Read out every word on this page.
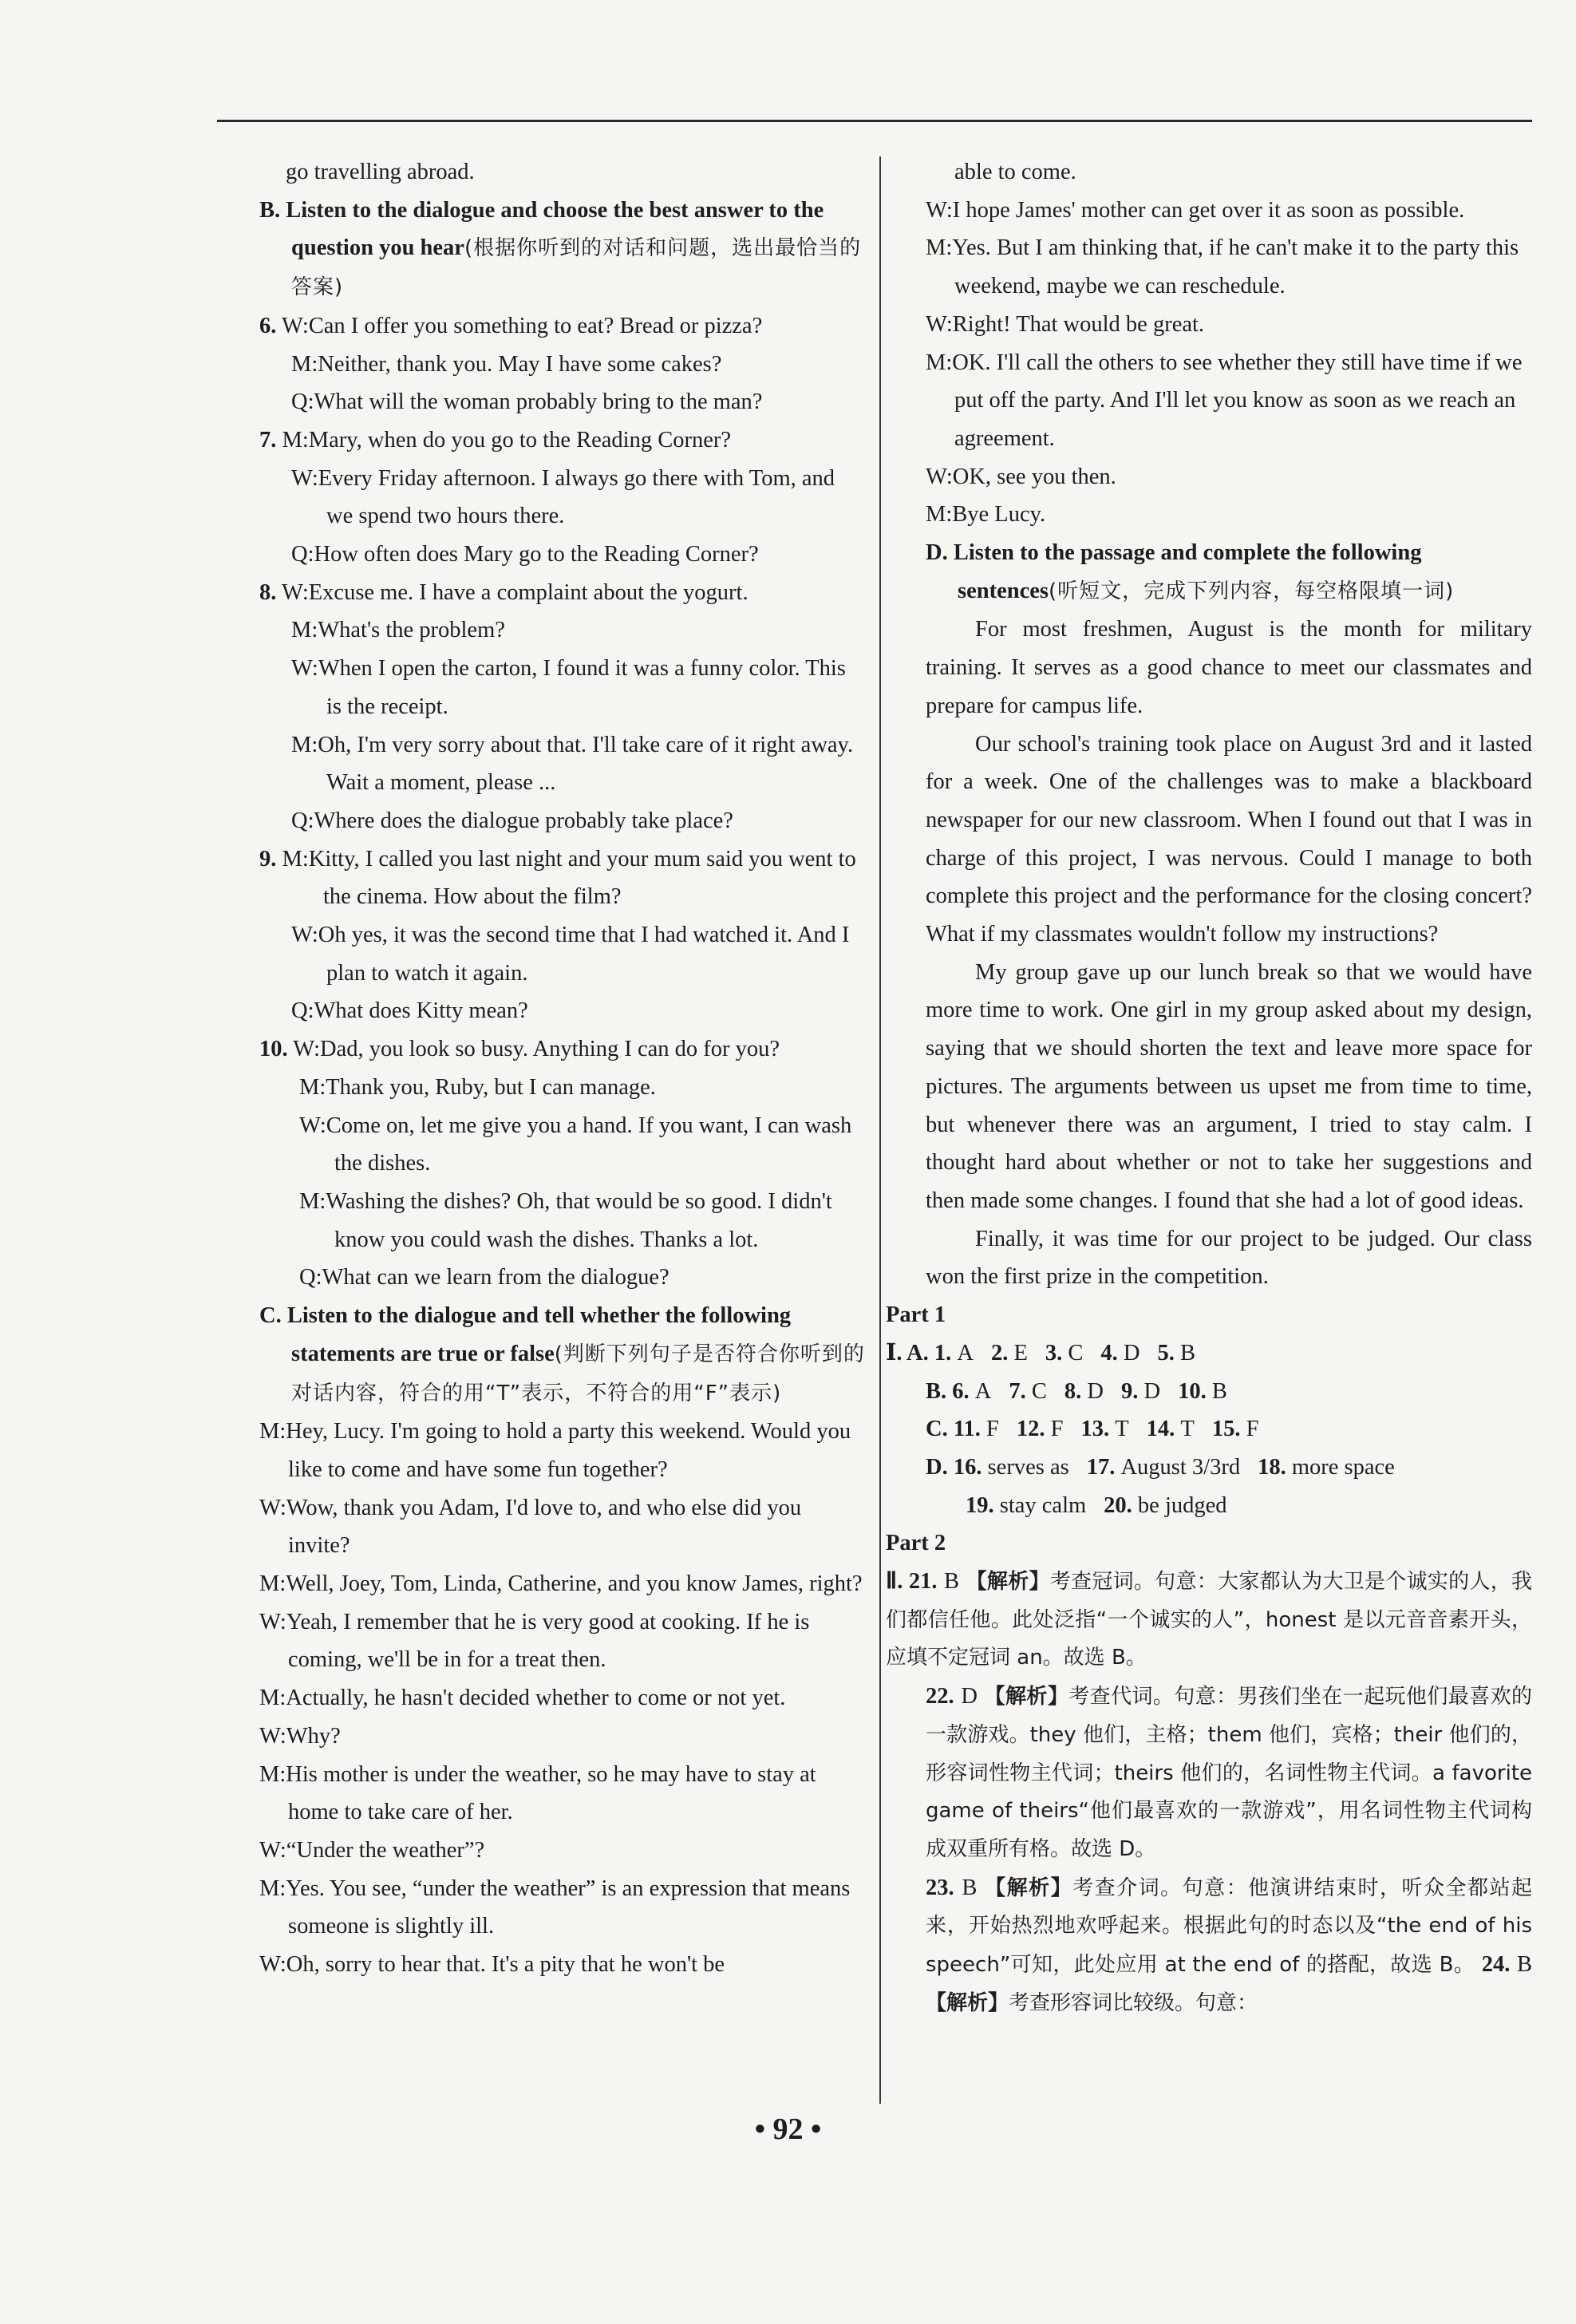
go travelling abroad.

B. Listen to the dialogue and choose the best answer to the question you hear(根据你听到的对话和问题，选出最恰当的答案)

6. W:Can I offer you something to eat? Bread or pizza?
M:Neither, thank you. May I have some cakes?
Q:What will the woman probably bring to the man?
7. M:Mary, when do you go to the Reading Corner?
W:Every Friday afternoon. I always go there with Tom, and we spend two hours there.
Q:How often does Mary go to the Reading Corner?
8. W:Excuse me. I have a complaint about the yogurt.
M:What's the problem?
W:When I open the carton, I found it was a funny color. This is the receipt.
M:Oh, I'm very sorry about that. I'll take care of it right away. Wait a moment, please ...
Q:Where does the dialogue probably take place?
9. M:Kitty, I called you last night and your mum said you went to the cinema. How about the film?
W:Oh yes, it was the second time that I had watched it. And I plan to watch it again.
Q:What does Kitty mean?
10. W:Dad, you look so busy. Anything I can do for you?
M:Thank you, Ruby, but I can manage.
W:Come on, let me give you a hand. If you want, I can wash the dishes.
M:Washing the dishes? Oh, that would be so good. I didn't know you could wash the dishes. Thanks a lot.
Q:What can we learn from the dialogue?

C. Listen to the dialogue and tell whether the following statements are true or false(判断下列句子是否符合你听到的对话内容，符合的用“T”表示，不符合的用“F”表示)

M:Hey, Lucy. I'm going to hold a party this weekend. Would you like to come and have some fun together?
W:Wow, thank you Adam, I'd love to, and who else did you invite?
M:Well, Joey, Tom, Linda, Catherine, and you know James, right?
W:Yeah, I remember that he is very good at cooking. If he is coming, we'll be in for a treat then.
M:Actually, he hasn't decided whether to come or not yet.
W:Why?
M:His mother is under the weather, so he may have to stay at home to take care of her.
W:“Under the weather”?
M:Yes. You see, “under the weather” is an expression that means someone is slightly ill.
W:Oh, sorry to hear that. It's a pity that he won't be
able to come.
W:I hope James' mother can get over it as soon as possible.
M:Yes. But I am thinking that, if he can't make it to the party this weekend, maybe we can reschedule.
W:Right! That would be great.
M:OK. I'll call the others to see whether they still have time if we put off the party. And I'll let you know as soon as we reach an agreement.
W:OK, see you then.
M:Bye Lucy.

D. Listen to the passage and complete the following sentences(听短文，完成下列内容，每空格限填一词)

For most freshmen, August is the month for military training. It serves as a good chance to meet our classmates and prepare for campus life.

Our school's training took place on August 3rd and it lasted for a week. One of the challenges was to make a blackboard newspaper for our new classroom. When I found out that I was in charge of this project, I was nervous. Could I manage to both complete this project and the performance for the closing concert? What if my classmates wouldn't follow my instructions?

My group gave up our lunch break so that we would have more time to work. One girl in my group asked about my design, saying that we should shorten the text and leave more space for pictures. The arguments between us upset me from time to time, but whenever there was an argument, I tried to stay calm. I thought hard about whether or not to take her suggestions and then made some changes. I found that she had a lot of good ideas.

Finally, it was time for our project to be judged. Our class won the first prize in the competition.

Part 1

Ⅰ. A. 1. A 2. E 3. C 4. D 5. B
B. 6. A 7. C 8. D 9. D 10. B
C. 11. F 12. F 13. T 14. T 15. F
D. 16. serves as 17. August 3/3rd 18. more space
19. stay calm 20. be judged

Part 2

Ⅱ. 21. B 【解析】考查冠词。句意：大家都认为大卫是个诚实的人，我们都信任他。此处泛指“一个诚实的人”，honest 是以元音音素开头，应填不定冠词 an。故选 B。
22. D 【解析】考查代词。句意：男孩们坐在一起玩他们最喜欢的一款游戏。they 他们，主格；them 他们，宾格；their 他们的，形容词性物主代词；theirs 他们的，名词性物主代词。a favorite game of theirs“他们最喜欢的一款游戏”，用名词性物主代词构成双重所有格。故选 D。
23. B 【解析】考查介词。句意：他演讲结束时，听众全都站起来，开始热烈地欢呼起来。根据此句的时态以及“the end of his speech”可知，此处应用 at the end of 的搭配，故选 B。 24. B 【解析】考查形容词比较级。句意：
• 92 •
